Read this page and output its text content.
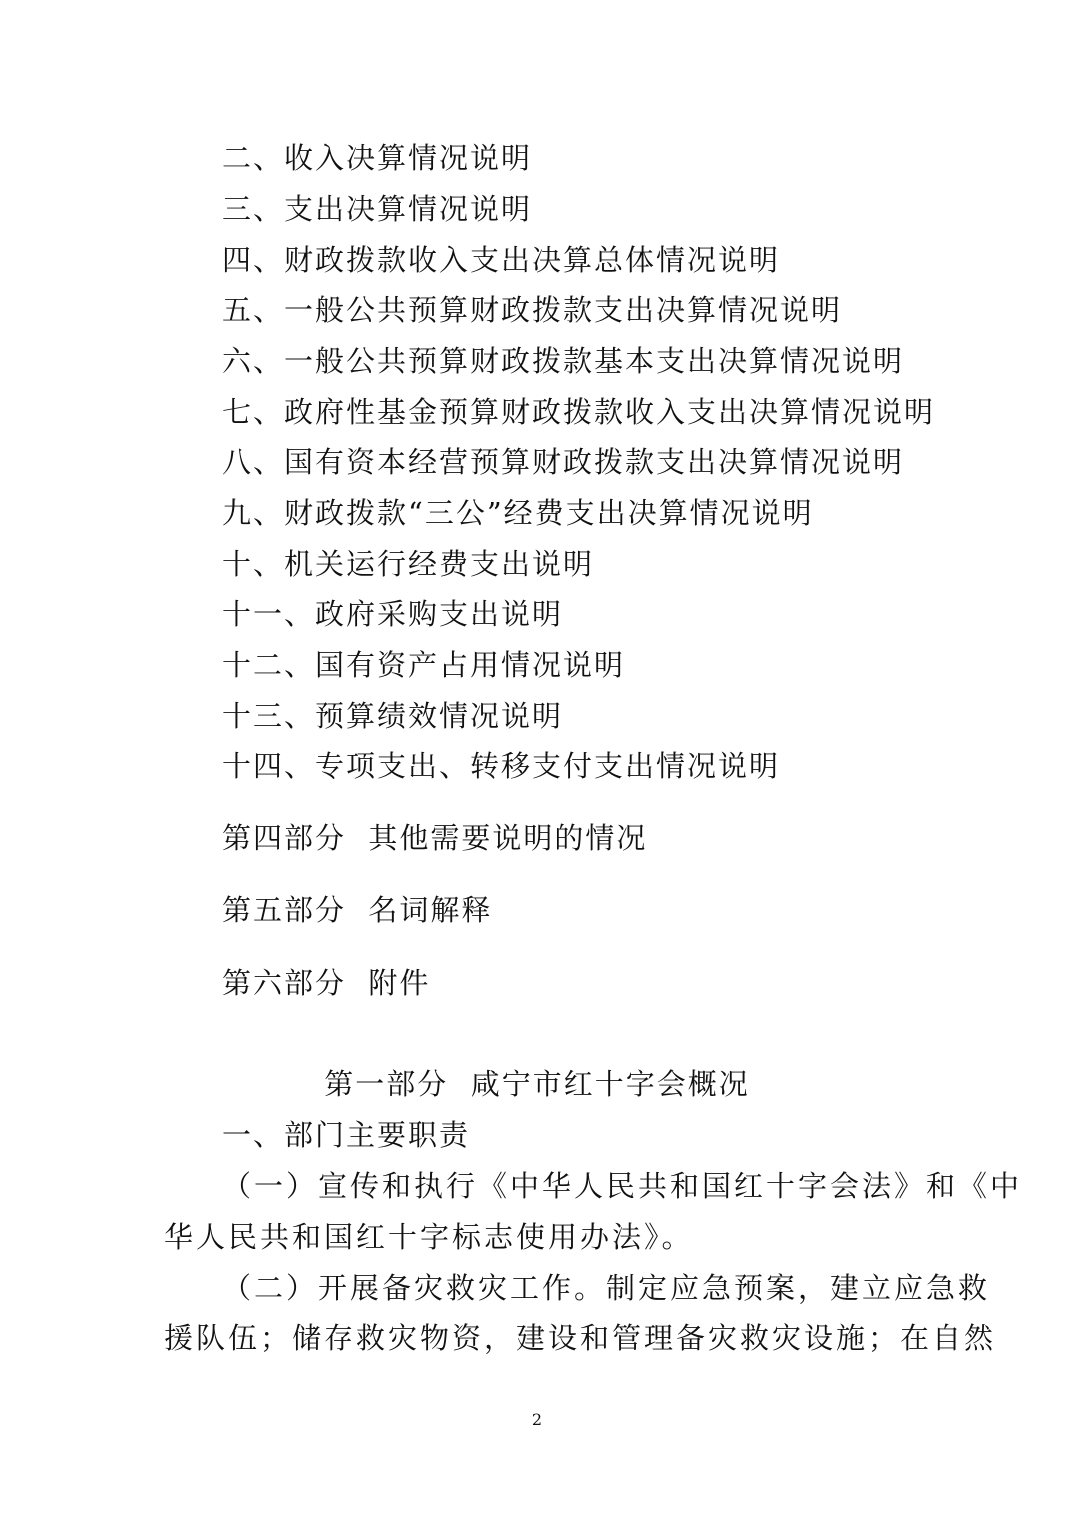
二、收入决算情况说明
三、支出决算情况说明
四、财政拨款收入支出决算总体情况说明
五、一般公共预算财政拨款支出决算情况说明
六、一般公共预算财政拨款基本支出决算情况说明
七、政府性基金预算财政拨款收入支出决算情况说明
八、国有资本经营预算财政拨款支出决算情况说明
九、财政拨款“三公”经费支出决算情况说明
十、机关运行经费支出说明
十一、政府采购支出说明
十二、国有资产占用情况说明
十三、预算绩效情况说明
十四、专项支出、转移支付支出情况说明
第四部分  其他需要说明的情况
第五部分  名词解释
第六部分  附件
第一部分  咸宁市红十字会概况
一、部门主要职责
（一）宣传和执行《中华人民共和国红十字会法》和《中
华人民共和国红十字标志使用办法》。
（二）开展备灾救灾工作。制定应急预案，建立应急救
援队伍；储存救灾物资，建设和管理备灾救灾设施；在自然
2
